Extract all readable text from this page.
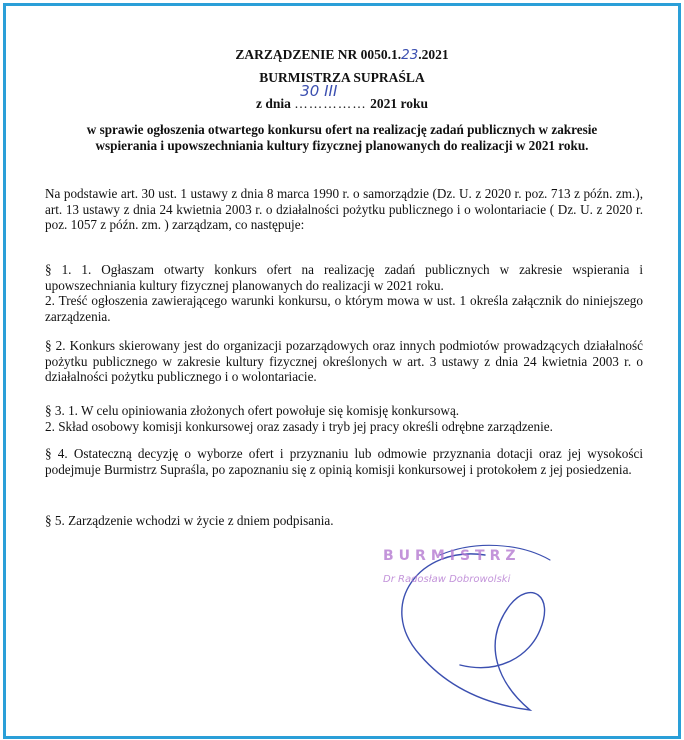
ZARZĄDZENIE NR 0050.1.23.2021
BURMISTRZA SUPRAŚLA
z dnia
30 III
…………… 2021 roku
w sprawie ogłoszenia otwartego konkursu ofert na realizację zadań publicznych w zakresie
wspierania i upowszechniania kultury fizycznej planowanych do realizacji w 2021 roku.

Na podstawie art. 30 ust. 1 ustawy z dnia 8 marca 1990 r. o samorządzie (Dz. U. z 2020 r. poz. 713 z późn. zm.), art. 13 ustawy z dnia 24 kwietnia 2003 r. o działalności pożytku publicznego i o wolontariacie ( Dz. U. z 2020 r. poz. 1057 z późn. zm. ) zarządzam, co następuje:

§ 1. 1. Ogłaszam otwarty konkurs ofert na realizację zadań publicznych w zakresie wspierania i upowszechniania kultury fizycznej planowanych do realizacji w 2021 roku.
2. Treść ogłoszenia zawierającego warunki konkursu, o którym mowa w ust. 1 określa załącznik do niniejszego zarządzenia.

§ 2. Konkurs skierowany jest do organizacji pozarządowych oraz innych podmiotów prowadzących działalność pożytku publicznego w zakresie kultury fizycznej określonych w art. 3 ustawy z dnia 24 kwietnia 2003 r. o działalności pożytku publicznego i o wolontariacie.

§ 3. 1. W celu opiniowania złożonych ofert powołuje się komisję konkursową.
2. Skład osobowy komisji konkursowej oraz zasady i tryb jej pracy określi odrębne zarządzenie.

§ 4. Ostateczną decyzję o wyborze ofert i przyznaniu lub odmowie przyznania dotacji oraz jej wysokości podejmuje Burmistrz Supraśla, po zapoznaniu się z opinią komisji konkursowej i protokołem z jej posiedzenia.

§ 5. Zarządzenie wchodzi w życie z dniem podpisania.

BURMISTRZ
Dr Radosław Dobrowolski
